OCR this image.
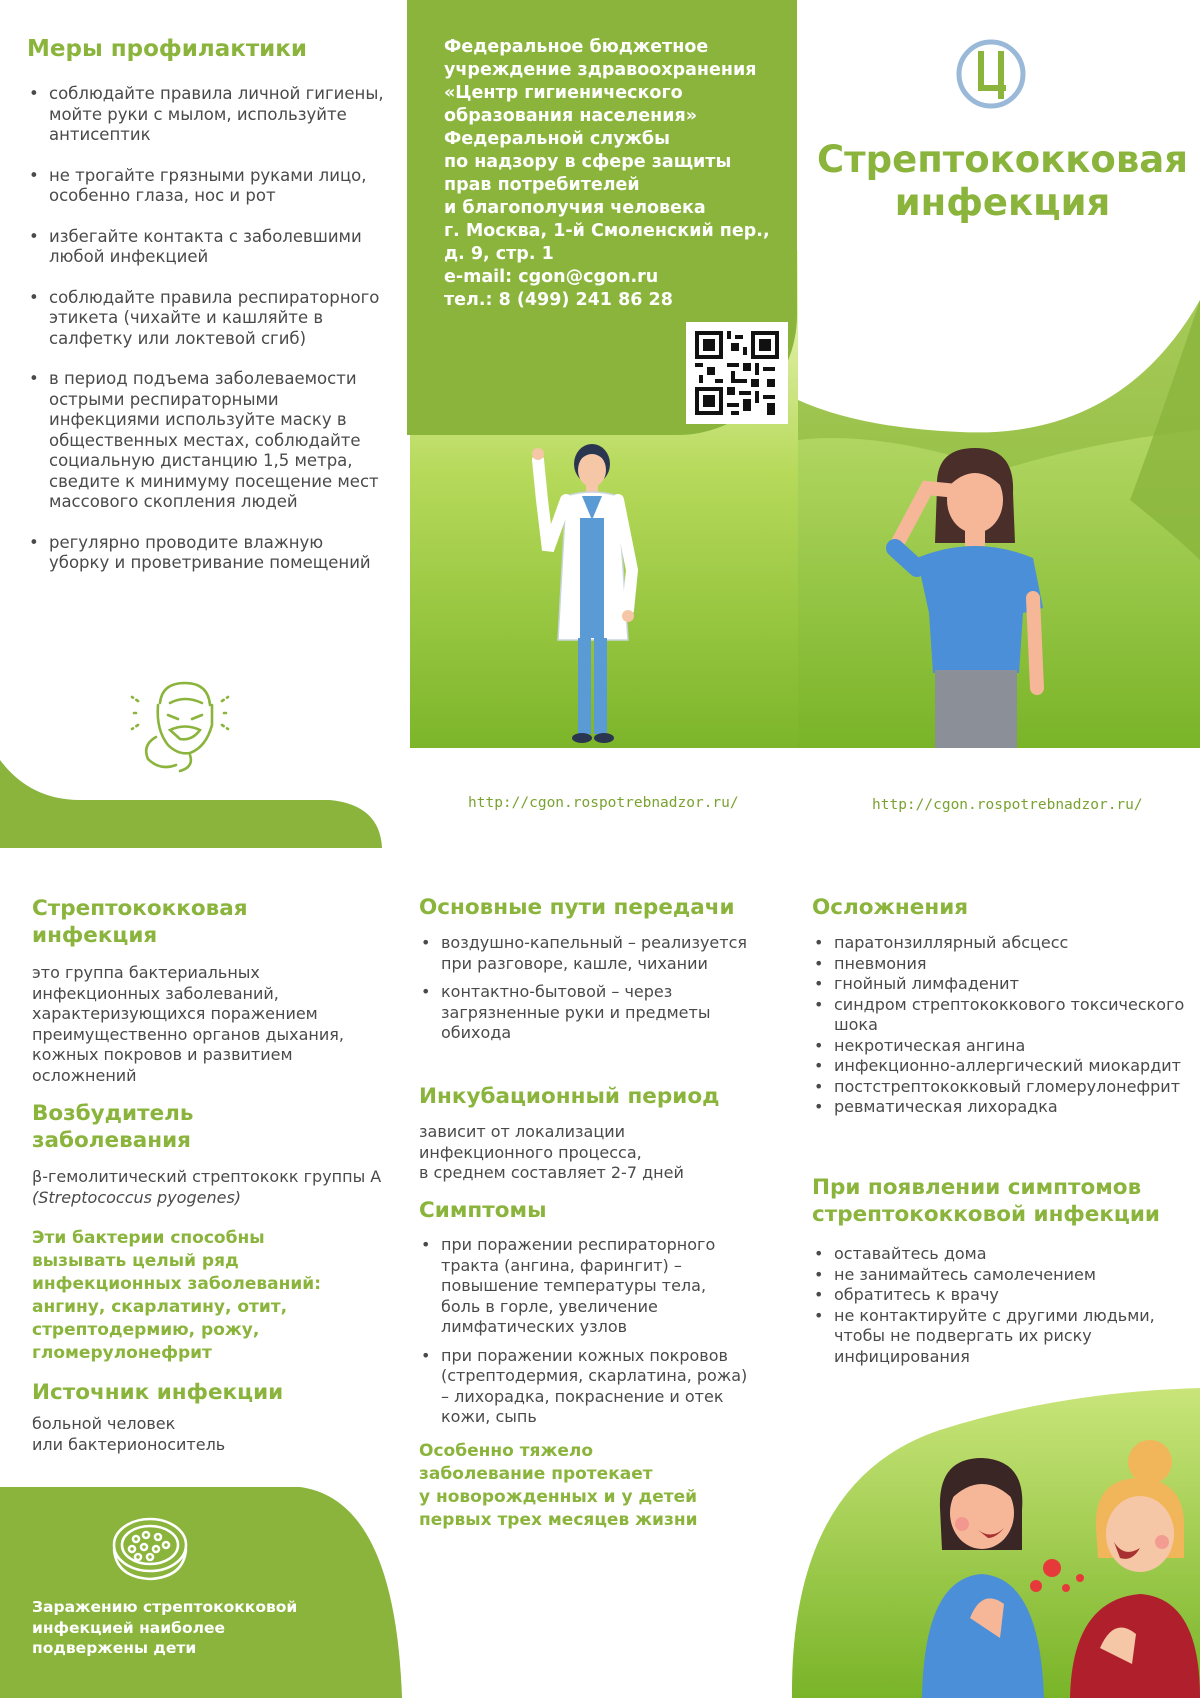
Меры профилактики
• соблюдайте правила личной гигиены, мойте руки с мылом, используйте антисептик
• не трогайте грязными руками лицо, особенно глаза, нос и рот
• избегайте контакта с заболевшими любой инфекцией
• соблюдайте правила респираторного этикета (чихайте и кашляйте в салфетку или локтевой сгиб)
• в период подъема заболеваемости острыми респираторными инфекциями используйте маску в общественных местах, соблюдайте социальную дистанцию 1,5 метра, сведите к минимуму посещение мест массового скопления людей
• регулярно проводите влажную уборку и проветривание помещений
Федеральное бюджетное
учреждение здравоохранения
«Центр гигиенического
образования населения»
Федеральной службы
по надзору в сфере защиты
прав потребителей
и благополучия человека
г. Москва, 1-й Смоленский пер.,
д. 9, стр. 1
e-mail: cgon@cgon.ru
тел.: 8 (499) 241 86 28
Стрептококковая
инфекция
http://cgon.rospotrebnadzor.ru/	http://cgon.rospotrebnadzor.ru/
Стрептококковая
инфекция

это группа бактериальных инфекционных заболеваний, характеризующихся поражением преимущественно органов дыхания, кожных покровов и развитием осложнений

Возбудитель
заболевания

β-гемолитический стрептококк группы А (Streptococcus pyogenes)

Эти бактерии способны
вызывать целый ряд
инфекционных заболеваний:
ангину, скарлатину, отит,
стрептодермию, рожу,
гломерулонефрит

Источник инфекции

больной человек
или бактерионоситель

Заражению стрептококковой
инфекцией наиболее
подвержены дети

Основные пути передачи
• воздушно-капельный – реализуется при разговоре, кашле, чихании
• контактно-бытовой – через загрязненные руки и предметы обихода
Инкубационный период

зависит от локализации
инфекционного процесса,
в среднем составляет 2-7 дней

Симптомы
• при поражении респираторного тракта (ангина, фарингит) – повышение температуры тела, боль в горле, увеличение лимфатических узлов
• при поражении кожных покровов (стрептодермия, скарлатина, рожа) – лихорадка, покраснение и отек кожи, сыпь

Особенно тяжело
заболевание протекает
у новорожденных и у детей
первых трех месяцев жизни

Осложнения
• паратонзиллярный абсцесс
• пневмония
• гнойный лимфаденит
• синдром стрептококкового токсического шока
• некротическая ангина
• инфекционно-аллергический миокардит
• постстрептококковый гломерулонефрит
• ревматическая лихорадка
При появлении симптомов
стрептококковой инфекции
• оставайтесь дома
• не занимайтесь самолечением
• обратитесь к врачу
• не контактируйте с другими людьми, чтобы не подвергать их риску инфицирования
